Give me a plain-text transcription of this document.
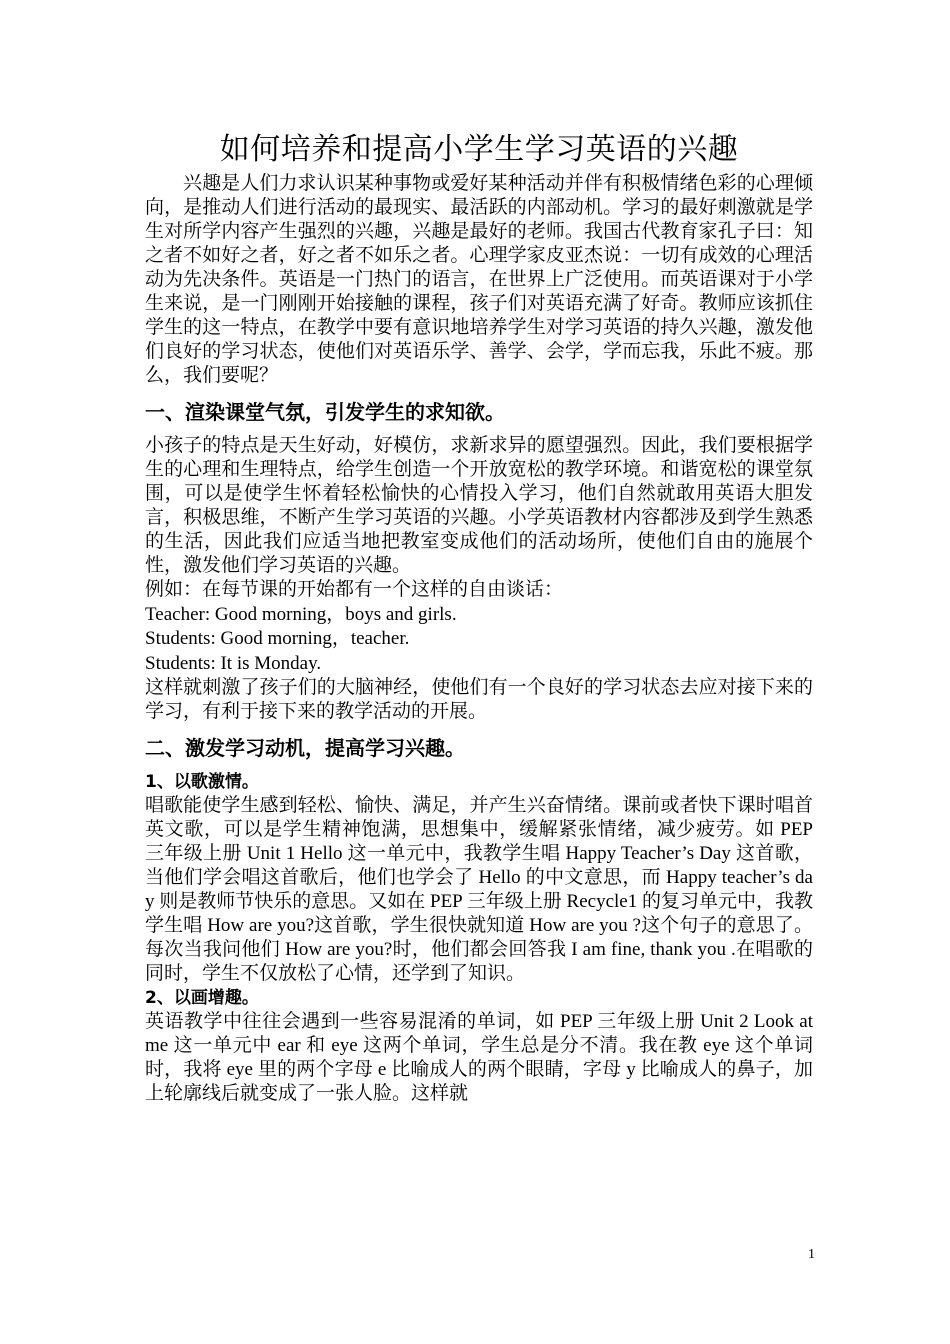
如何培养和提高小学生学习英语的兴趣

兴趣是人们力求认识某种事物或爱好某种活动并伴有积极情绪色彩的心理倾向，是推动人们进行活动的最现实、最活跃的内部动机。学习的最好刺激就是学生对所学内容产生强烈的兴趣，兴趣是最好的老师。我国古代教育家孔子曰：知之者不如好之者，好之者不如乐之者。心理学家皮亚杰说：一切有成效的心理活动为先决条件。英语是一门热门的语言，在世界上广泛使用。而英语课对于小学生来说，是一门刚刚开始接触的课程，孩子们对英语充满了好奇。教师应该抓住学生的这一特点，在教学中要有意识地培养学生对学习英语的持久兴趣，激发他们良好的学习状态，使他们对英语乐学、善学、会学，学而忘我，乐此不疲。那么，我们要呢？

一、渲染课堂气氛，引发学生的求知欲。

小孩子的特点是天生好动，好模仿，求新求异的愿望强烈。因此，我们要根据学生的心理和生理特点，给学生创造一个开放宽松的教学环境。和谐宽松的课堂氛围，可以是使学生怀着轻松愉快的心情投入学习，他们自然就敢用英语大胆发言，积极思维，不断产生学习英语的兴趣。小学英语教材内容都涉及到学生熟悉的生活，因此我们应适当地把教室变成他们的活动场所，使他们自由的施展个性，激发他们学习英语的兴趣。

例如：在每节课的开始都有一个这样的自由谈话：

Teacher: Good morning，boys and girls.

Students: Good morning，teacher.

Students: It is Monday.

这样就刺激了孩子们的大脑神经，使他们有一个良好的学习状态去应对接下来的学习，有利于接下来的教学活动的开展。

二、激发学习动机，提高学习兴趣。
1、以歌激情。

唱歌能使学生感到轻松、愉快、满足，并产生兴奋情绪。课前或者快下课时唱首英文歌，可以是学生精神饱满，思想集中，缓解紧张情绪，减少疲劳。如 PEP 三年级上册 Unit 1 Hello 这一单元中，我教学生唱 Happy Teacher’s Day 这首歌，当他们学会唱这首歌后，他们也学会了 Hello 的中文意思，而 Happy teacher’s day 则是教师节快乐的意思。又如在 PEP 三年级上册 Recycle1 的复习单元中，我教学生唱 How are you?这首歌，学生很快就知道 How are you ?这个句子的意思了。每次当我问他们 How are you?时，他们都会回答我 I am fine, thank you .在唱歌的同时，学生不仅放松了心情，还学到了知识。

2、以画增趣。

英语教学中往往会遇到一些容易混淆的单词，如 PEP 三年级上册 Unit 2 Look at me 这一单元中 ear 和 eye 这两个单词，学生总是分不清。我在教 eye 这个单词时，我将 eye 里的两个字母 e 比喻成人的两个眼睛，字母 y 比喻成人的鼻子，加上轮廓线后就变成了一张人脸。这样就

1
